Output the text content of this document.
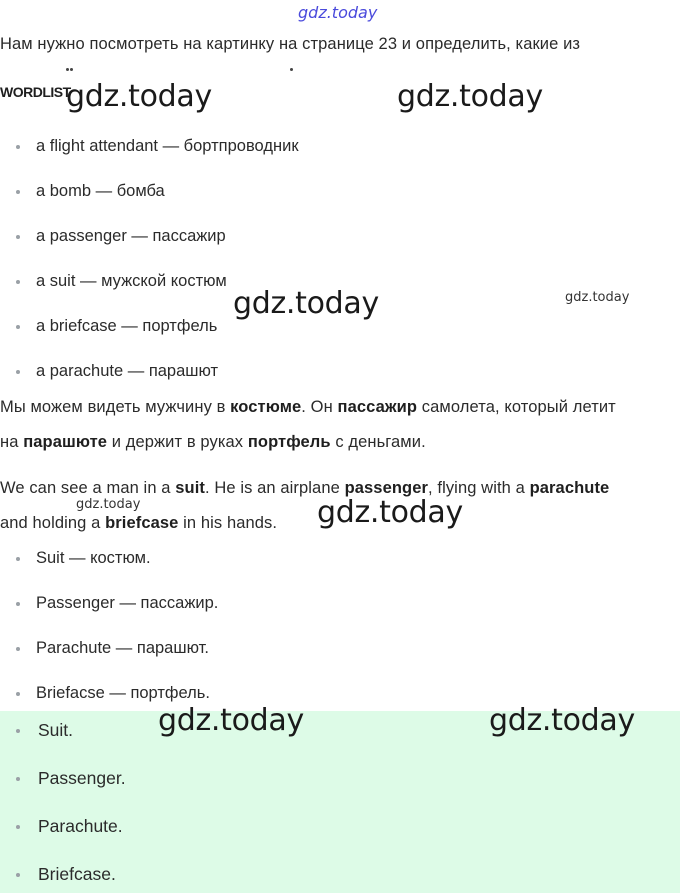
gdz.today
Нам нужно посмотреть на картинку на странице 23 и определить, какие из
WORDLIST
a flight attendant — бортпроводник
a bomb — бомба
a passenger — пассажир
a suit — мужской костюм
a briefcase — портфель
a parachute — парашют
Мы можем видеть мужчину в костюме. Он пассажир самолета, который летит
на парашюте и держит в руках портфель с деньгами.
We can see a man in a suit. He is an airplane passenger, flying with a parachute
and holding a briefcase in his hands.
Suit — костюм.
Passenger — пассажир.
Parachute — парашют.
Briefacse — портфель.
Suit.
Passenger.
Parachute.
Briefcase.
gdz.today	gdz.today
gdz.today
gdz.today
gdz.today	gdz.today
gdz.today
gdz.today
